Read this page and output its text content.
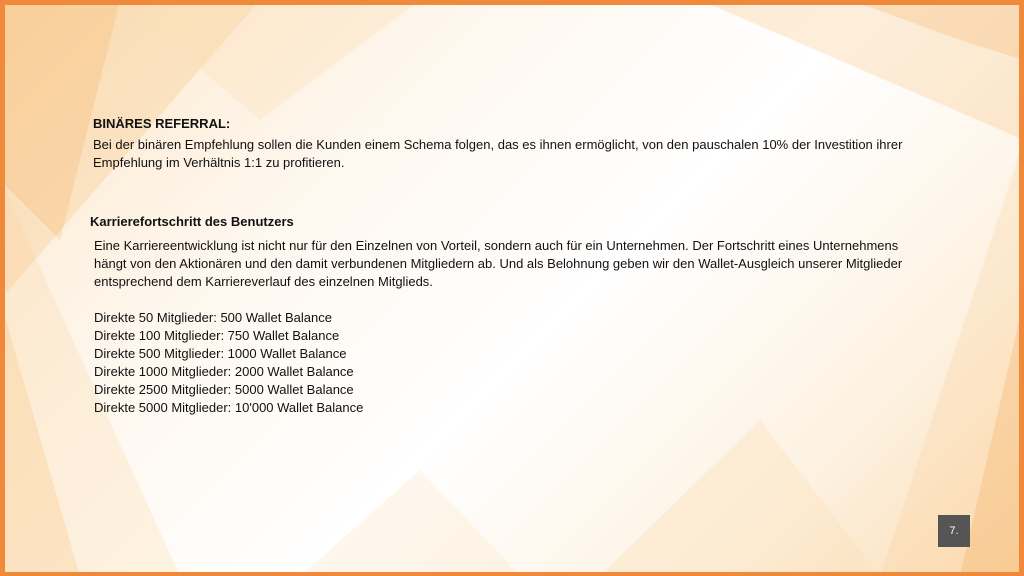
BINÄRES REFERRAL:
Bei der binären Empfehlung sollen die Kunden einem Schema folgen, das es ihnen ermöglicht, von den pauschalen 10% der Investition ihrer Empfehlung im Verhältnis 1:1 zu profitieren.
Karrierefortschritt des Benutzers
Eine Karriereentwicklung ist nicht nur für den Einzelnen von Vorteil, sondern auch für ein Unternehmen. Der Fortschritt eines Unternehmens hängt von den Aktionären und den damit verbundenen Mitgliedern ab. Und als Belohnung geben wir den Wallet-Ausgleich unserer Mitglieder entsprechend dem Karriereverlauf des einzelnen Mitglieds.
Direkte 50 Mitglieder: 500 Wallet Balance
Direkte 100 Mitglieder: 750 Wallet Balance
Direkte 500 Mitglieder: 1000 Wallet Balance
Direkte 1000 Mitglieder: 2000 Wallet Balance
Direkte 2500 Mitglieder: 5000 Wallet Balance
Direkte 5000 Mitglieder: 10'000 Wallet Balance
7.
